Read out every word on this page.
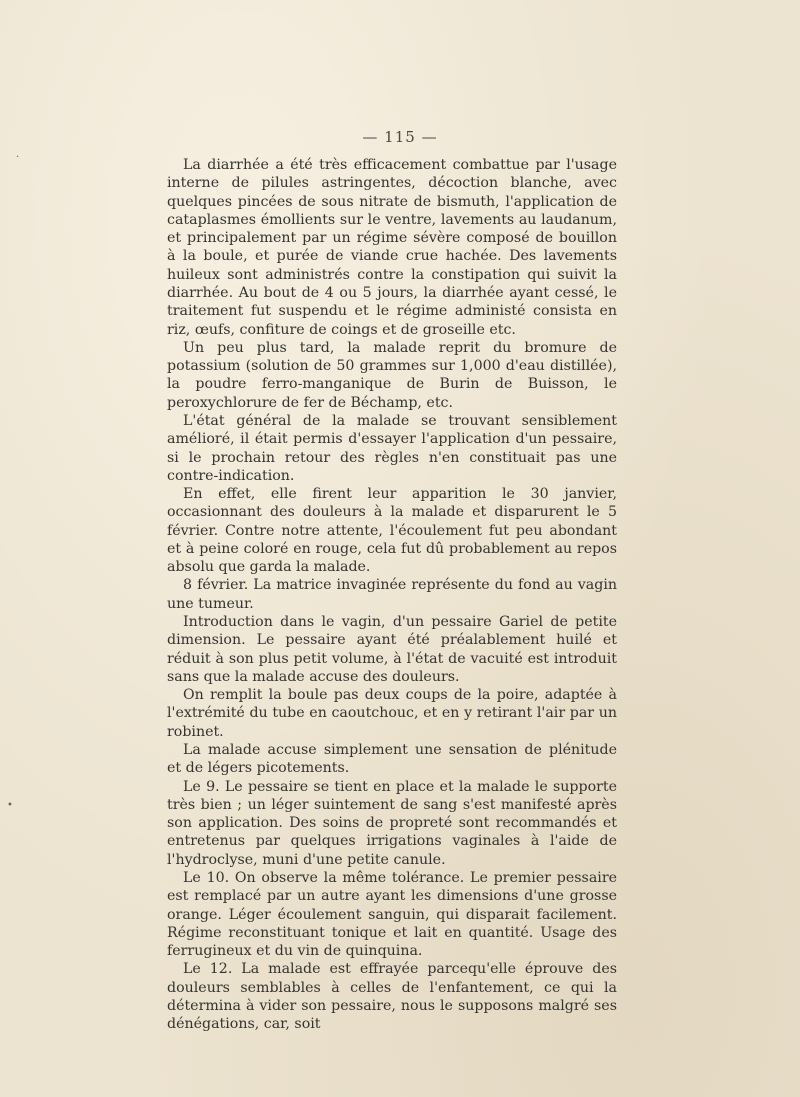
— 115 —

La diarrhée a été très efficacement combattue par l'usage interne de pilules astringentes, décoction blanche, avec quelques pincées de sous nitrate de bismuth, l'application de cataplasmes émollients sur le ventre, lavements au laudanum, et principalement par un régime sévère composé de bouillon à la boule, et purée de viande crue hachée. Des lavements huileux sont administrés contre la constipation qui suivit la diarrhée. Au bout de 4 ou 5 jours, la diarrhée ayant cessé, le traitement fut suspendu et le régime administé consista en riz, œufs, confiture de coings et de groseille etc.

Un peu plus tard, la malade reprit du bromure de potassium (solution de 50 grammes sur 1,000 d'eau distillée), la poudre ferro-manganique de Burin de Buisson, le peroxychlorure de fer de Béchamp, etc.

L'état général de la malade se trouvant sensiblement amélioré, il était permis d'essayer l'application d'un pessaire, si le prochain retour des règles n'en constituait pas une contre-indication.

En effet, elle firent leur apparition le 30 janvier, occasionnant des douleurs à la malade et disparurent le 5 février. Contre notre attente, l'écoulement fut peu abondant et à peine coloré en rouge, cela fut dû probablement au repos absolu que garda la malade.

8 février. La matrice invaginée représente du fond au vagin une tumeur.

Introduction dans le vagin, d'un pessaire Gariel de petite dimension. Le pessaire ayant été préalablement huilé et réduit à son plus petit volume, à l'état de vacuité est introduit sans que la malade accuse des douleurs.

On remplit la boule pas deux coups de la poire, adaptée à l'extrémité du tube en caoutchouc, et en y retirant l'air par un robinet.

La malade accuse simplement une sensation de plénitude et de légers picotements.

Le 9. Le pessaire se tient en place et la malade le supporte très bien ; un léger suintement de sang s'est manifesté après son application. Des soins de propreté sont recommandés et entretenus par quelques irrigations vaginales à l'aide de l'hydroclyse, muni d'une petite canule.

Le 10. On observe la même tolérance. Le premier pessaire est remplacé par un autre ayant les dimensions d'une grosse orange. Léger écoulement sanguin, qui disparait facilement. Régime reconstituant tonique et lait en quantité. Usage des ferrugineux et du vin de quinquina.

Le 12. La malade est effrayée parcequ'elle éprouve des douleurs semblables à celles de l'enfantement, ce qui la détermina à vider son pessaire, nous le supposons malgré ses dénégations, car, soit

•
·
